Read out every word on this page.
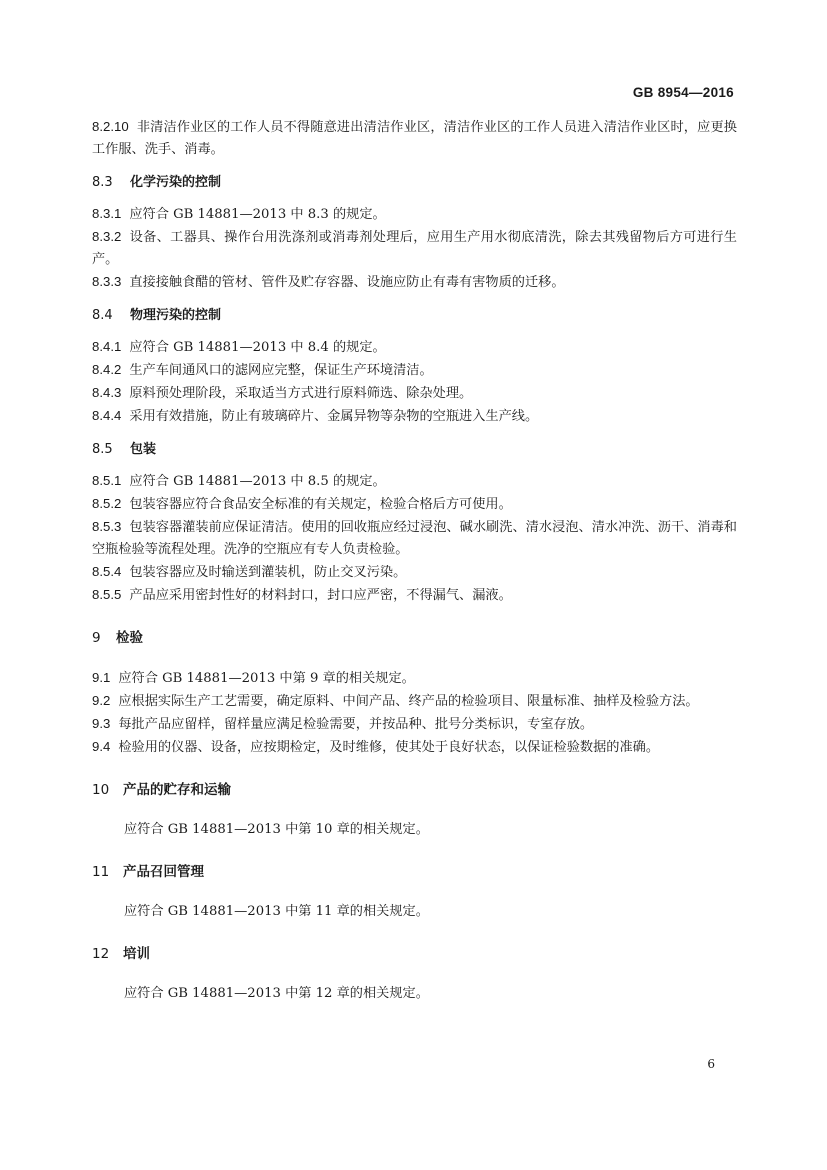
GB 8954—2016

8.2.10 非清洁作业区的工作人员不得随意进出清洁作业区，清洁作业区的工作人员进入清洁作业区时，应更换工作服、洗手、消毒。

8.3 化学污染的控制

8.3.1 应符合 GB 14881—2013 中 8.3 的规定。

8.3.2 设备、工器具、操作台用洗涤剂或消毒剂处理后，应用生产用水彻底清洗，除去其残留物后方可进行生产。

8.3.3 直接接触食醋的管材、管件及贮存容器、设施应防止有毒有害物质的迁移。

8.4 物理污染的控制

8.4.1 应符合 GB 14881—2013 中 8.4 的规定。

8.4.2 生产车间通风口的滤网应完整，保证生产环境清洁。

8.4.3 原料预处理阶段，采取适当方式进行原料筛选、除杂处理。

8.4.4 采用有效措施，防止有玻璃碎片、金属异物等杂物的空瓶进入生产线。

8.5 包装

8.5.1 应符合 GB 14881—2013 中 8.5 的规定。

8.5.2 包装容器应符合食品安全标准的有关规定，检验合格后方可使用。

8.5.3 包装容器灌装前应保证清洁。使用的回收瓶应经过浸泡、碱水刷洗、清水浸泡、清水冲洗、沥干、消毒和空瓶检验等流程处理。洗净的空瓶应有专人负责检验。

8.5.4 包装容器应及时输送到灌装机，防止交叉污染。

8.5.5 产品应采用密封性好的材料封口，封口应严密，不得漏气、漏液。

9 检验

9.1 应符合 GB 14881—2013 中第 9 章的相关规定。

9.2 应根据实际生产工艺需要，确定原料、中间产品、终产品的检验项目、限量标准、抽样及检验方法。

9.3 每批产品应留样，留样量应满足检验需要，并按品种、批号分类标识，专室存放。

9.4 检验用的仪器、设备，应按期检定，及时维修，使其处于良好状态，以保证检验数据的准确。

10 产品的贮存和运输

应符合 GB 14881—2013 中第 10 章的相关规定。

11 产品召回管理

应符合 GB 14881—2013 中第 11 章的相关规定。

12 培训

应符合 GB 14881—2013 中第 12 章的相关规定。

6
